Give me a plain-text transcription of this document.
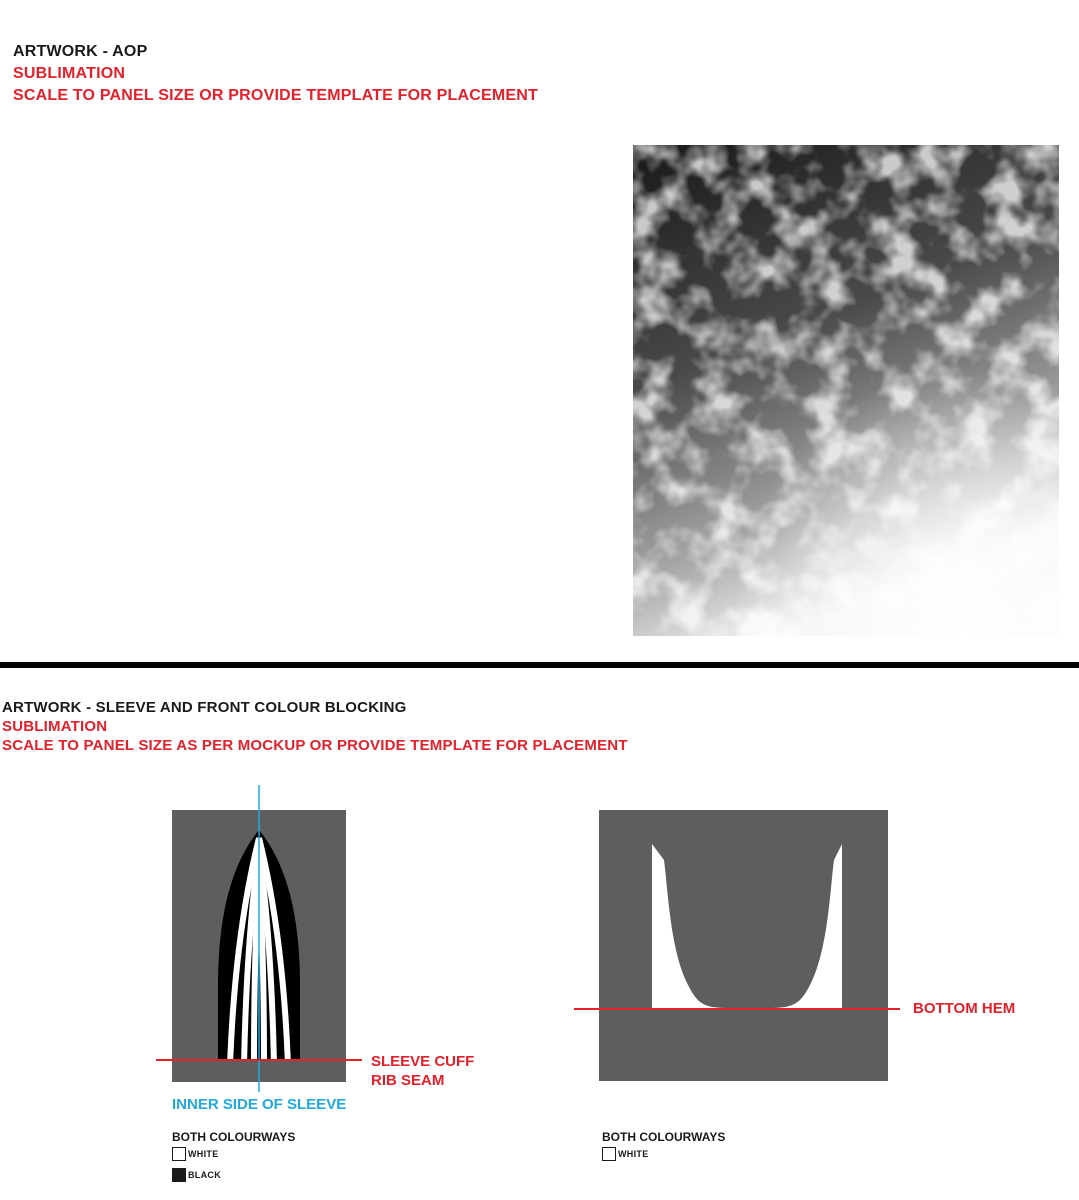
ARTWORK - AOP
SUBLIMATION
SCALE TO PANEL SIZE OR PROVIDE TEMPLATE FOR PLACEMENT
ARTWORK - SLEEVE AND FRONT COLOUR BLOCKING
SUBLIMATION
SCALE TO PANEL SIZE AS PER MOCKUP OR PROVIDE TEMPLATE FOR PLACEMENT
SLEEVE CUFF
RIB SEAM
INNER SIDE OF SLEEVE
BOTH COLOURWAYS
WHITE
BLACK
BOTTOM HEM
BOTH COLOURWAYS
WHITE
